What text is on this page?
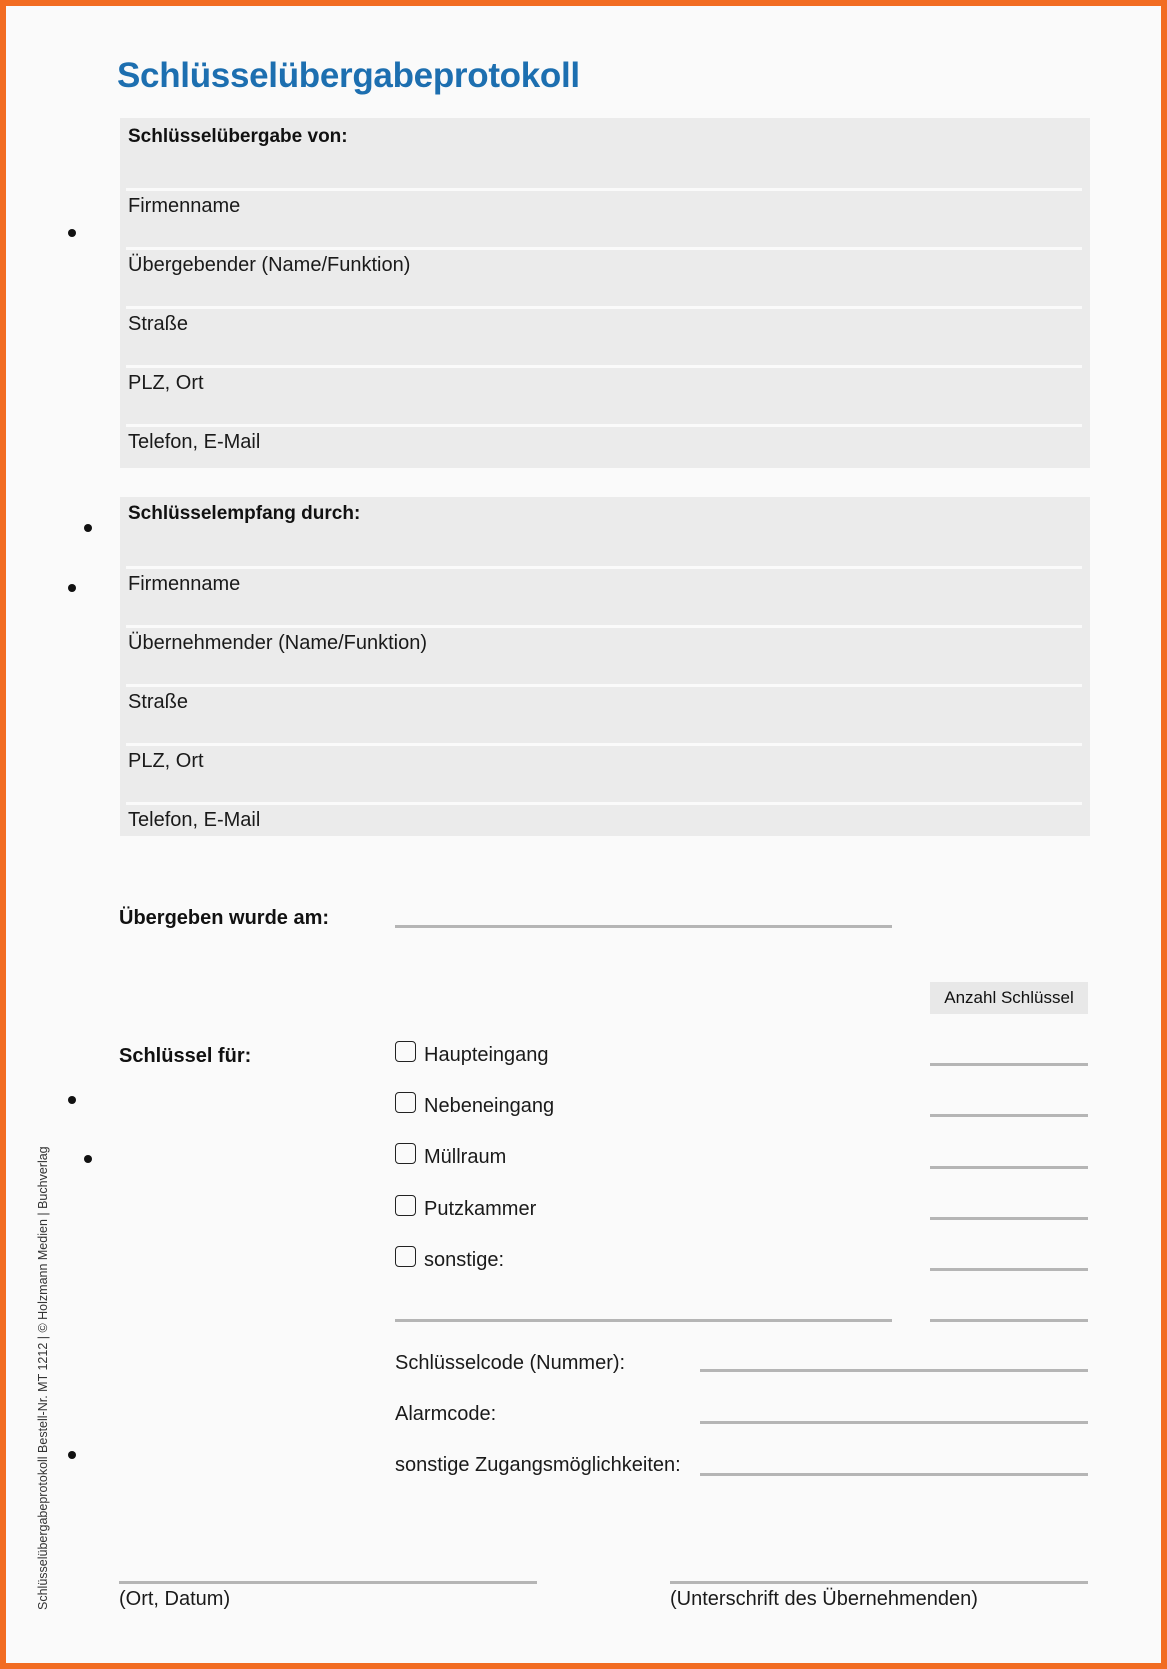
Schlüsselübergabeprotokoll
Schlüsselübergabe von:
Firmenname
Übergebender (Name/Funktion)
Straße
PLZ, Ort
Telefon, E-Mail
Schlüsselempfang durch:
Firmenname
Übernehmender (Name/Funktion)
Straße
PLZ, Ort
Telefon, E-Mail
Übergeben wurde am:
Anzahl Schlüssel
Schlüssel für:	Haupteingang
Nebeneingang
Müllraum
Putzkammer
sonstige:
Schlüsselcode (Nummer):
Alarmcode:
sonstige Zugangsmöglichkeiten:
(Ort, Datum)	(Unterschrift des Übernehmenden)
Schlüsselübergabeprotokoll Bestell-Nr. MT 1212 | © Holzmann Medien | Buchverlag
